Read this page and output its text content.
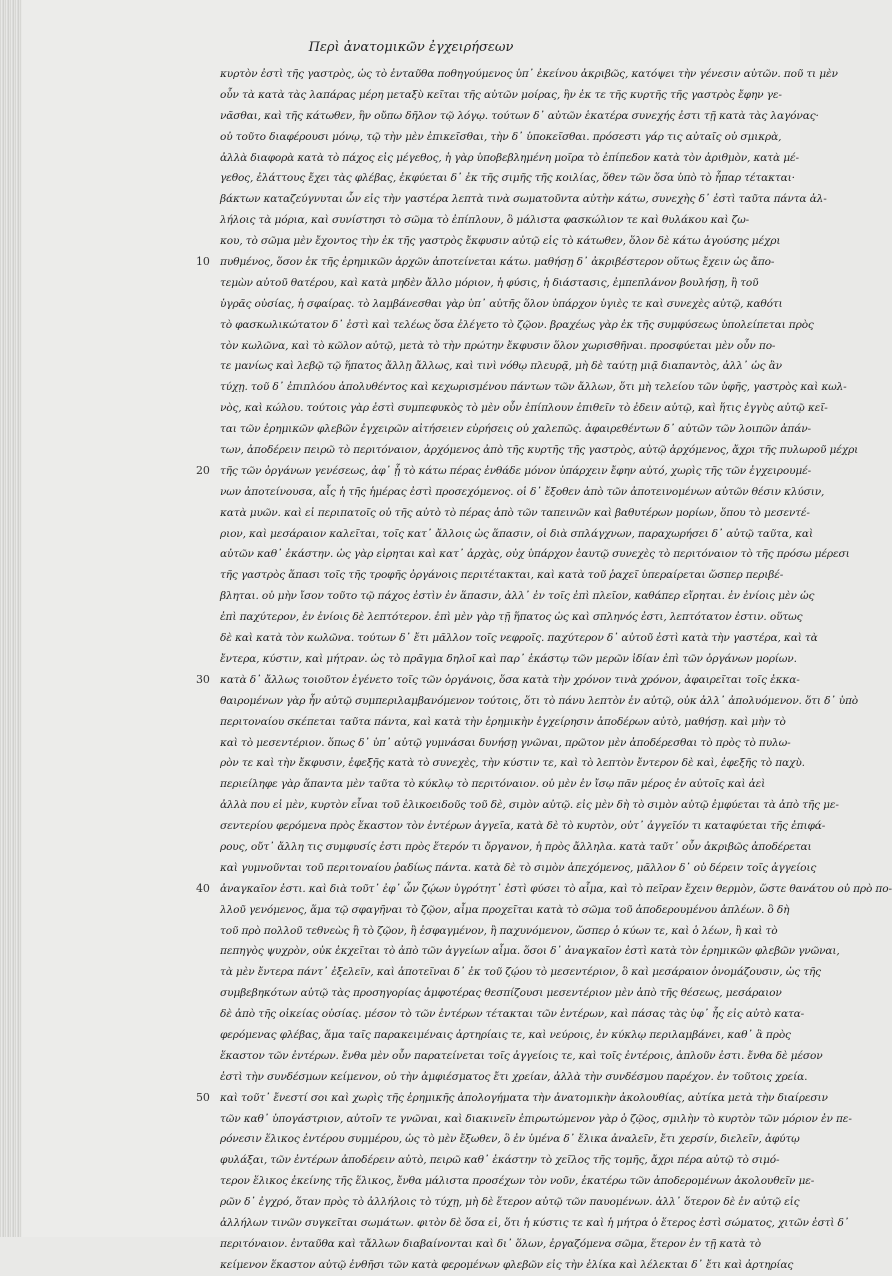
Περὶ ἀνατομικῶν ἐγχειρήσεων
κυρτὸν ἐστὶ τῆς γαστρὸς, ὡς τὸ ἐνταῦθα ποθηγούμενος ὑπ᾽ ἐκείνου ἀκριβῶς, κατόψει τὴν γένεσιν αὐτῶν. ποῦ τι μὲν
οὖν τὰ κατὰ τὰς λαπάρας μέρη μεταξὺ κεῖται τῆς αὐτῶν μοίρας, ἣν ἐκ τε τῆς κυρτῆς τῆς γαστρὸς ἔφην γε-
νᾶσθαι, καὶ τῆς κάτωθεν, ἣν οὔπω δῆλον τῷ λόγῳ. τούτων δ᾽ αὐτῶν ἑκατέρα συνεχής ἐστι τῇ κατὰ τὰς λαγόνας·
οὐ τοῦτο διαφέρουσι μόνῳ, τῷ τὴν μὲν ἐπικεῖσθαι, τὴν δ᾽ ὑποκεῖσθαι. πρόσεστι γάρ τις αὐταῖς οὐ σμικρὰ,
ἀλλὰ διαφορὰ κατὰ τὸ πάχος εἰς μέγεθος, ἡ γὰρ ὑποβεβλημένη μοῖρα τὸ ἐπίπεδον κατὰ τὸν ἀριθμὸν, κατὰ μέ-
γεθος, ἐλάττους ἔχει τὰς φλέβας, ἐκφύεται δ᾽ ἐκ τῆς σιμῆς τῆς κοιλίας, ὅθεν τῶν ὅσα ὑπὸ τὸ ἧπαρ τέτακται·
βάκτων καταζεύγνυται ὧν εἰς τὴν γαστέρα λεπτὰ τινὰ σωματοῦντα αὐτὴν κάτω, συνεχὴς δ᾽ ἐστὶ ταῦτα πάντα ἀλ-
λήλοις τὰ μόρια, καὶ συνίστησι τὸ σῶμα τὸ ἐπίπλουν, ὃ μάλιστα φασκώλιον τε καὶ θυλάκου καὶ ζω-
κου, τὸ σῶμα μὲν ἔχοντος τὴν ἐκ τῆς γαστρὸς ἔκφυσιν αὐτῷ εἰς τὸ κάτωθεν, ὅλον δὲ κάτω ἀγούσης μέχρι
10 πυθμένος, ὅσον ἐκ τῆς ἐρημικῶν ἀρχῶν ἀποτείνεται κάτω. μαθήσῃ δ᾽ ἀκριβέστερον οὕτως ἔχειν ὡς ἄπο-
τεμὼν αὐτοῦ θατέρου, καὶ κατὰ μηδὲν ἄλλο μόριον, ἡ φύσις, ἡ διάστασις, ἐμπεπλάνον βουλήσῃ, ἢ τοῦ
ὑγρᾶς οὐσίας, ἡ σφαίρας. τὸ λαμβάνεσθαι γὰρ ὑπ᾽ αὐτῆς ὅλον ὑπάρχον ὑγιὲς τε καὶ συνεχὲς αὐτῷ, καθότι
τὸ φασκωλικώτατον δ᾽ ἐστὶ καὶ τελέως ὅσα ἐλέγετο τὸ ζῷον. βραχέως γὰρ ἐκ τῆς συμφύσεως ὑπολείπεται πρὸς
τὸν κωλῶνα, καὶ τὸ κῶλον αὐτῷ, μετὰ τὸ τὴν πρώτην ἔκφυσιν ὅλον χωρισθῆναι. προσφύεται μὲν οὖν πο-
τε μανίως καὶ λεβῷ τῷ ἥπατος ἄλλῃ ἄλλως, καὶ τινὶ νόθῳ πλευρᾷ, μὴ δὲ ταύτῃ μιᾷ διαπαντὸς, ἀλλ᾽ ὡς ἂν
τύχῃ. τοῦ δ᾽ ἐπιπλόου ἀπολυθέντος καὶ κεχωρισμένου πάντων τῶν ἄλλων, ὅτι μὴ τελείου τῶν ὑφῆς, γαστρὸς καὶ κωλ-
νὸς, καὶ κώλου. τούτοις γὰρ ἐστὶ συμπεφυκὸς τὸ μὲν οὖν ἐπίπλουν ἐπιθεῖν τὸ ἐδειν αὐτῷ, καὶ ἥτις ἐγγὺς αὐτῷ κεῖ-
ται τῶν ἐρημικῶν φλεβῶν ἐγχειρῶν αἰτήσειεν εὑρήσεις οὐ χαλεπῶς. ἀφαιρεθέντων δ᾽ αὐτῶν τῶν λοιπῶν ἀπάν-
των, ἀποδέρειν πειρῶ τὸ περιτόναιον, ἀρχόμενος ἀπὸ τῆς κυρτῆς τῆς γαστρὸς, αὐτῷ ἀρχόμενος, ἄχρι τῆς πυλωροῦ μέχρι
20 τῆς τῶν ὀργάνων γενέσεως, ἀφ᾽ ᾗ τὸ κάτω πέρας ἐνθάδε μόνον ὑπάρχειν ἔφην αὐτό, χωρὶς τῆς τῶν ἐγχειρουμέ-
νων ἀποτείνουσα, αἷς ἡ τῆς ἡμέρας ἐστὶ προσεχόμενος. οἱ δ᾽ ἔξοθεν ἀπὸ τῶν ἀποτεινομένων αὐτῶν θέσιν κλύσιν,
κατὰ μυῶν. καὶ εἰ περιπατοῖς οὐ τῆς αὐτὸ τὸ πέρας ἀπὸ τῶν ταπεινῶν καὶ βαθυτέρων μορίων, ὅπου τὸ μεσεντέ-
ριον, καὶ μεσάραιον καλεῖται, τοῖς κατ᾽ ἄλλοις ὡς ἅπασιν, οἱ διὰ σπλάγχνων, παραχωρήσει δ᾽ αὐτῷ ταῦτα, καὶ
αὐτῶν καθ᾽ ἑκάστην. ὡς γὰρ εἰρηται καὶ κατ᾽ ἀρχὰς, οὐχ ὑπάρχον ἑαυτῷ συνεχὲς τὸ περιτόναιον τὸ τῆς πρόσω μέρεσι
τῆς γαστρὸς ἅπασι τοῖς τῆς τροφῆς ὀργάνοις περιτέτακται, καὶ κατὰ τοῦ ῥαχεῖ ὑπεραίρεται ὥσπερ περιβέ-
βληται. οὐ μὴν ἴσον τοῦτο τῷ πάχος ἐστὶν ἐν ἅπασιν, ἀλλ᾽ ἐν τοῖς ἐπὶ πλεῖον, καθάπερ εἴρηται. ἐν ἐνίοις μὲν ὡς
ἐπὶ παχύτερον, ἐν ἐνίοις δὲ λεπτότερον. ἐπὶ μὲν γὰρ τῇ ἥπατος ὡς καὶ σπληνός ἐστι, λεπτότατον ἐστιν. οὕτως
δὲ καὶ κατὰ τὸν κωλῶνα. τούτων δ᾽ ἔτι μᾶλλον τοῖς νεφροῖς. παχύτερον δ᾽ αὐτοῦ ἐστὶ κατὰ τὴν γαστέρα, καὶ τὰ
ἔντερα, κύστιν, καὶ μήτραν. ὡς τὸ πρᾶγμα δηλοῖ καὶ παρ᾽ ἑκάστῳ τῶν μερῶν ἰδίαν ἐπὶ τῶν ὀργάνων μορίων.
30 κατὰ δ᾽ ἄλλως τοιοῦτον ἐγένετο τοῖς τῶν ὀργάνοις, ὅσα κατὰ τὴν χρόνον τινὰ χρόνον, ἀφαιρεῖται τοῖς ἐκκα-
θαιρομένων γὰρ ἦν αὐτῷ συμπεριλαμβανόμενον τούτοις, ὅτι τὸ πάνυ λεπτὸν ἐν αὐτῷ, οὐκ ἀλλ᾽ ἀπολυόμενον. ὅτι δ᾽ ὑπὸ
περιτοναίου σκέπεται ταῦτα πάντα, καὶ κατὰ τὴν ἐρημικὴν ἐγχείρησιν ἀποδέρων αὐτὸ, μαθήσῃ. καὶ μὴν τὸ
καὶ τὸ μεσεντέριον. ὅπως δ᾽ ὑπ᾽ αὐτῷ γυμνάσαι δυνήσῃ γνῶναι, πρῶτον μὲν ἀποδέρεσθαι τὸ πρὸς τὸ πυλω-
ρὸν τε καὶ τὴν ἔκφυσιν, ἐφεξῆς κατὰ τὸ συνεχὲς, τὴν κύστιν τε, καὶ τὸ λεπτὸν ἔντερον δὲ καὶ, ἐφεξῆς τὸ παχὺ.
περιείληφε γὰρ ἅπαντα μὲν ταῦτα τὸ κύκλῳ τὸ περιτόναιον. οὐ μὲν ἐν ἴσῳ πᾶν μέρος ἐν αὐτοῖς καὶ ἀεὶ
ἀλλὰ που εἰ μὲν, κυρτὸν εἶναι τοῦ ἑλικοειδοῦς τοῦ δὲ, σιμὸν αὐτῷ. εἰς μὲν δὴ τὸ σιμὸν αὐτῷ ἐμφύεται τὰ ἀπὸ τῆς με-
σεντερίου φερόμενα πρὸς ἕκαστον τὸν ἐντέρων ἀγγεῖα, κατὰ δὲ τὸ κυρτὸν, οὐτ᾽ ἀγγεῖόν τι καταφύεται τῆς ἐπιφά-
ρους, οὔτ᾽ ἄλλη τις συμφυσίς ἐστι πρὸς ἕτερόν τι ὄργανον, ἡ πρὸς ἄλληλα. κατὰ ταῦτ᾽ οὖν ἀκριβῶς ἀποδέρεται
καὶ γυμνοῦνται τοῦ περιτοναίου ῥαδίως πάντα. κατὰ δὲ τὸ σιμὸν ἀπεχόμενος, μᾶλλον δ᾽ οὐ δέρειν τοῖς ἀγγείοις
40 ἀναγκαῖον ἐστι. καὶ διὰ τοῦτ᾽ ἐφ᾽ ὧν ζῴων ὑγρότητ᾽ ἐστὶ φύσει τὸ αἷμα, καὶ τὸ πεῖραν ἔχειν θερμὸν, ὥστε θανάτου οὐ πρὸ πο-
λλοῦ γενόμενος, ἅμα τῷ σφαγῆναι τὸ ζῷον, αἷμα προχεῖται κατὰ τὸ σῶμα τοῦ ἀποδερουμένου ἀπλέων. ὃ δὴ
τοῦ πρὸ πολλοῦ τεθνεὼς ἢ τὸ ζῷον, ἢ ἐσφαγμένον, ἢ παχυνόμενον, ὥσπερ ὁ κύων τε, καὶ ὁ λέων, ἢ καὶ τὸ
πεπηγὸς ψυχρὸν, οὐκ ἐκχεῖται τὸ ἀπὸ τῶν ἀγγείων αἷμα. ὅσοι δ᾽ ἀναγκαῖον ἐστὶ κατὰ τὸν ἐρημικῶν φλεβῶν γνῶναι,
τὰ μὲν ἔντερα πάντ᾽ ἐξελεῖν, καὶ ἀποτεῖναι δ᾽ ἐκ τοῦ ζῴου τὸ μεσεντέριον, ὃ καὶ μεσάραιον ὀνομάζουσιν, ὡς τῆς
συμβεβηκότων αὐτῷ τὰς προσηγορίας ἀμφοτέρας θεσπίζουσι μεσεντέριον μὲν ἀπὸ τῆς θέσεως, μεσάραιον
δὲ ἀπὸ τῆς οἰκείας οὐσίας. μέσον τὸ τῶν ἐντέρων τέτακται τῶν ἐντέρων, καὶ πάσας τὰς ὑφ᾽ ἧς εἰς αὐτὸ κατα-
φερόμενας φλέβας, ἅμα ταῖς παρακειμέναις ἀρτηρίαις τε, καὶ νεύροις, ἐν κύκλῳ περιλαμβάνει, καθ᾽ ἃ πρὸς
ἕκαστον τῶν ἐντέρων. ἔνθα μὲν οὖν παρατείνεται τοῖς ἀγγείοις τε, καὶ τοῖς ἐντέροις, ἁπλοῦν ἐστι. ἔνθα δὲ μέσον
ἐστὶ τὴν συνδέσμων κείμενον, οὐ τὴν ἀμφιέσματος ἔτι χρείαν, ἀλλὰ τὴν συνδέσμου παρέχον. ἐν τοῦτοις χρεία.
50 καὶ τοῦτ᾽ ἔνεστί σοι καὶ χωρὶς τῆς ἐρημικῆς ἀπολογήματα τὴν ἀνατομικὴν ἀκολουθίας, αὐτίκα μετὰ τὴν διαίρεσιν
τῶν καθ᾽ ὑπογάστριον, αὐτοῖν τε γνῶναι, καὶ διακινεῖν ἐπιρωτώμενον γὰρ ὁ ζῷος, σμιλὴν τὸ κυρτὸν τῶν μόριον ἐν πε-
ρόνεσιν ἕλικος ἐντέρου συμμέρου, ὡς τὸ μὲν ἔξωθεν, ὃ ἐν ὑμένα δ᾽ ἕλικα ἀναλεῖν, ἔτι χερσίν, διελεῖν, ἀφύτῳ
φυλάξαι, τῶν ἐντέρων ἀποδέρειν αὐτὸ, πειρῶ καθ᾽ ἑκάστην τὸ χεῖλος τῆς τομῆς, ἄχρι πέρα αὐτῷ τὸ σιμό-
τερον ἕλικος ἐκείνης τῆς ἕλικος, ἔνθα μάλιστα προσέχων τὸν νοῦν, ἑκατέρω τῶν ἀποδερομένων ἀκολουθεῖν με-
ρῶν δ᾽ ἐγχρό, ὅταν πρὸς τὸ ἀλλήλοις τὸ τύχῃ, μὴ δὲ ἕτερον αὐτῷ τῶν παυομένων. ἀλλ᾽ ὅτερον δὲ ἐν αὐτῷ εἰς
ἀλλήλων τινῶν συγκεῖται σωμάτων. φιτὸν δὲ ὅσα εἰ, ὅτι ἡ κύστις τε καὶ ἡ μήτρα ὁ ἕτερος ἐστὶ σώματος, χιτῶν ἐστὶ δ᾽
περιτόναιον. ἐνταῦθα καὶ τἄλλων διαβαίνονται καὶ δι᾽ ὅλων, ἐργαζόμενα σῶμα, ἕτερον ἐν τῇ κατὰ τὸ
κείμενον ἕκαστον αὐτῷ ἐνθῆσι τῶν κατὰ φερομένων φλεβῶν εἰς τὴν ἑλίκα καὶ λέλεκται δ᾽ ἔτι καὶ ἀρτηρίας
